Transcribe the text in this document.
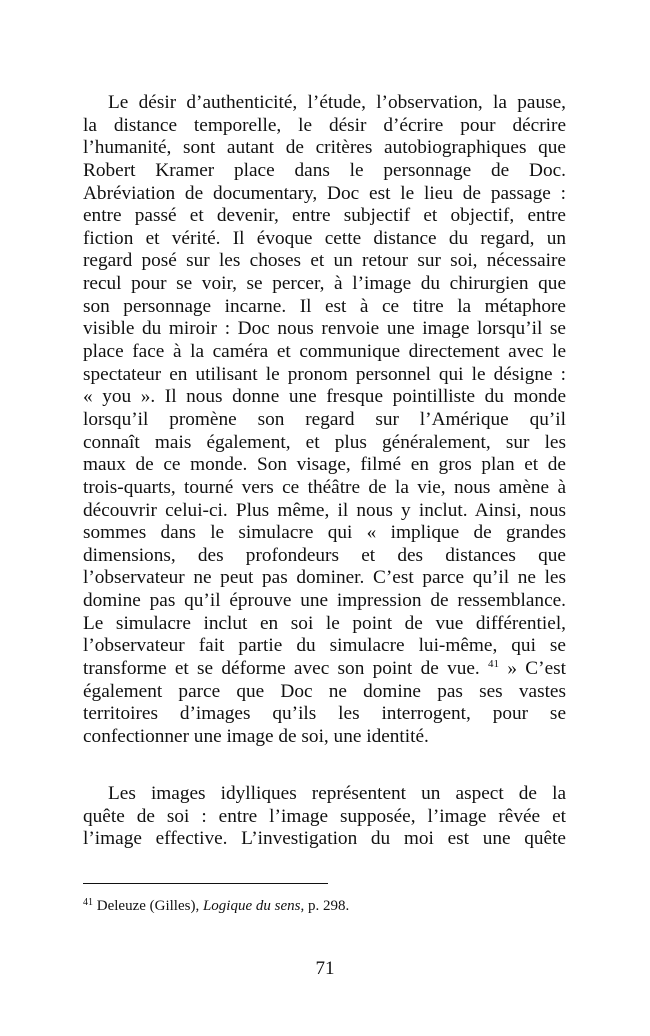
Le désir d’authenticité, l’étude, l’observation, la pause,
la distance temporelle, le désir d’écrire pour décrire
l’humanité, sont autant de critères autobiographiques que
Robert Kramer place dans le personnage de Doc.
Abréviation de documentary, Doc est le lieu de passage :
entre passé et devenir, entre subjectif et objectif, entre
fiction et vérité. Il évoque cette distance du regard, un
regard posé sur les choses et un retour sur soi, nécessaire
recul pour se voir, se percer, à l’image du chirurgien que
son personnage incarne. Il est à ce titre la métaphore
visible du miroir : Doc nous renvoie une image lorsqu’il se
place face à la caméra et communique directement avec le
spectateur en utilisant le pronom personnel qui le désigne :
« you ». Il nous donne une fresque pointilliste du monde
lorsqu’il promène son regard sur l’Amérique qu’il
connaît mais également, et plus généralement, sur les
maux de ce monde. Son visage, filmé en gros plan et de
trois-quarts, tourné vers ce théâtre de la vie, nous amène à
découvrir celui-ci. Plus même, il nous y inclut. Ainsi, nous
sommes dans le simulacre qui « implique de grandes
dimensions, des profondeurs et des distances que
l’observateur ne peut pas dominer. C’est parce qu’il ne les
domine pas qu’il éprouve une impression de ressemblance.
Le simulacre inclut en soi le point de vue différentiel,
l’observateur fait partie du simulacre lui-même, qui se
transforme et se déforme avec son point de vue. $^{41}$ » C’est
également parce que Doc ne domine pas ses vastes
territoires d’images qu’ils les interrogent, pour se
confectionner une image de soi, une identité.
Les images idylliques représentent un aspect de la
quête de soi : entre l’image supposée, l’image rêvée et
l’image effective. L’investigation du moi est une quête
$^{41}$ Deleuze (Gilles), Logique du sens, p. 298.
71
